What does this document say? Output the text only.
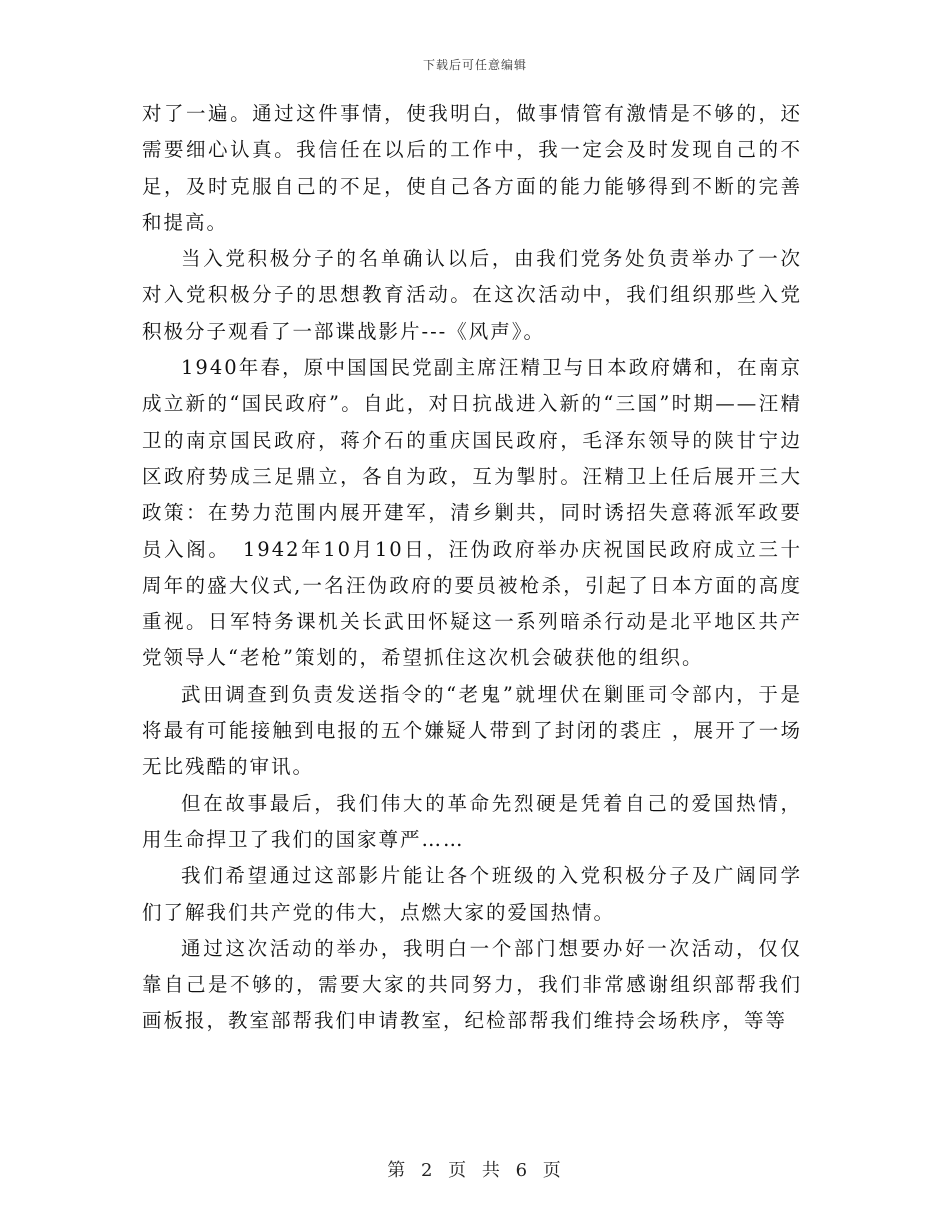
下载后可任意编辑

对了一遍。通过这件事情，使我明白，做事情管有激情是不够的，还需要细心认真。我信任在以后的工作中，我一定会及时发现自己的不足，及时克服自己的不足，使自己各方面的能力能够得到不断的完善和提高。

当入党积极分子的名单确认以后，由我们党务处负责举办了一次对入党积极分子的思想教育活动。在这次活动中，我们组织那些入党积极分子观看了一部谍战影片---《风声》。

1940年春，原中国国民党副主席汪精卫与日本政府媾和，在南京成立新的“国民政府”。自此，对日抗战进入新的“三国”时期——汪精卫的南京国民政府，蒋介石的重庆国民政府，毛泽东领导的陕甘宁边区政府势成三足鼎立，各自为政，互为掣肘。汪精卫上任后展开三大政策：在势力范围内展开建军，清乡剿共，同时诱招失意蒋派军政要员入阁。　1942年10月10日，汪伪政府举办庆祝国民政府成立三十周年的盛大仪式,一名汪伪政府的要员被枪杀，引起了日本方面的高度重视。日军特务课机关长武田怀疑这一系列暗杀行动是北平地区共产党领导人“老枪”策划的，希望抓住这次机会破获他的组织。

武田调查到负责发送指令的“老鬼”就埋伏在剿匪司令部内，于是将最有可能接触到电报的五个嫌疑人带到了封闭的裘庄 ，展开了一场无比残酷的审讯。

但在故事最后，我们伟大的革命先烈硬是凭着自己的爱国热情，用生命捍卫了我们的国家尊严……

我们希望通过这部影片能让各个班级的入党积极分子及广阔同学们了解我们共产党的伟大，点燃大家的爱国热情。

通过这次活动的举办，我明白一个部门想要办好一次活动，仅仅靠自己是不够的，需要大家的共同努力，我们非常感谢组织部帮我们画板报，教室部帮我们申请教室，纪检部帮我们维持会场秩序，等等

第 2 页 共 6 页
